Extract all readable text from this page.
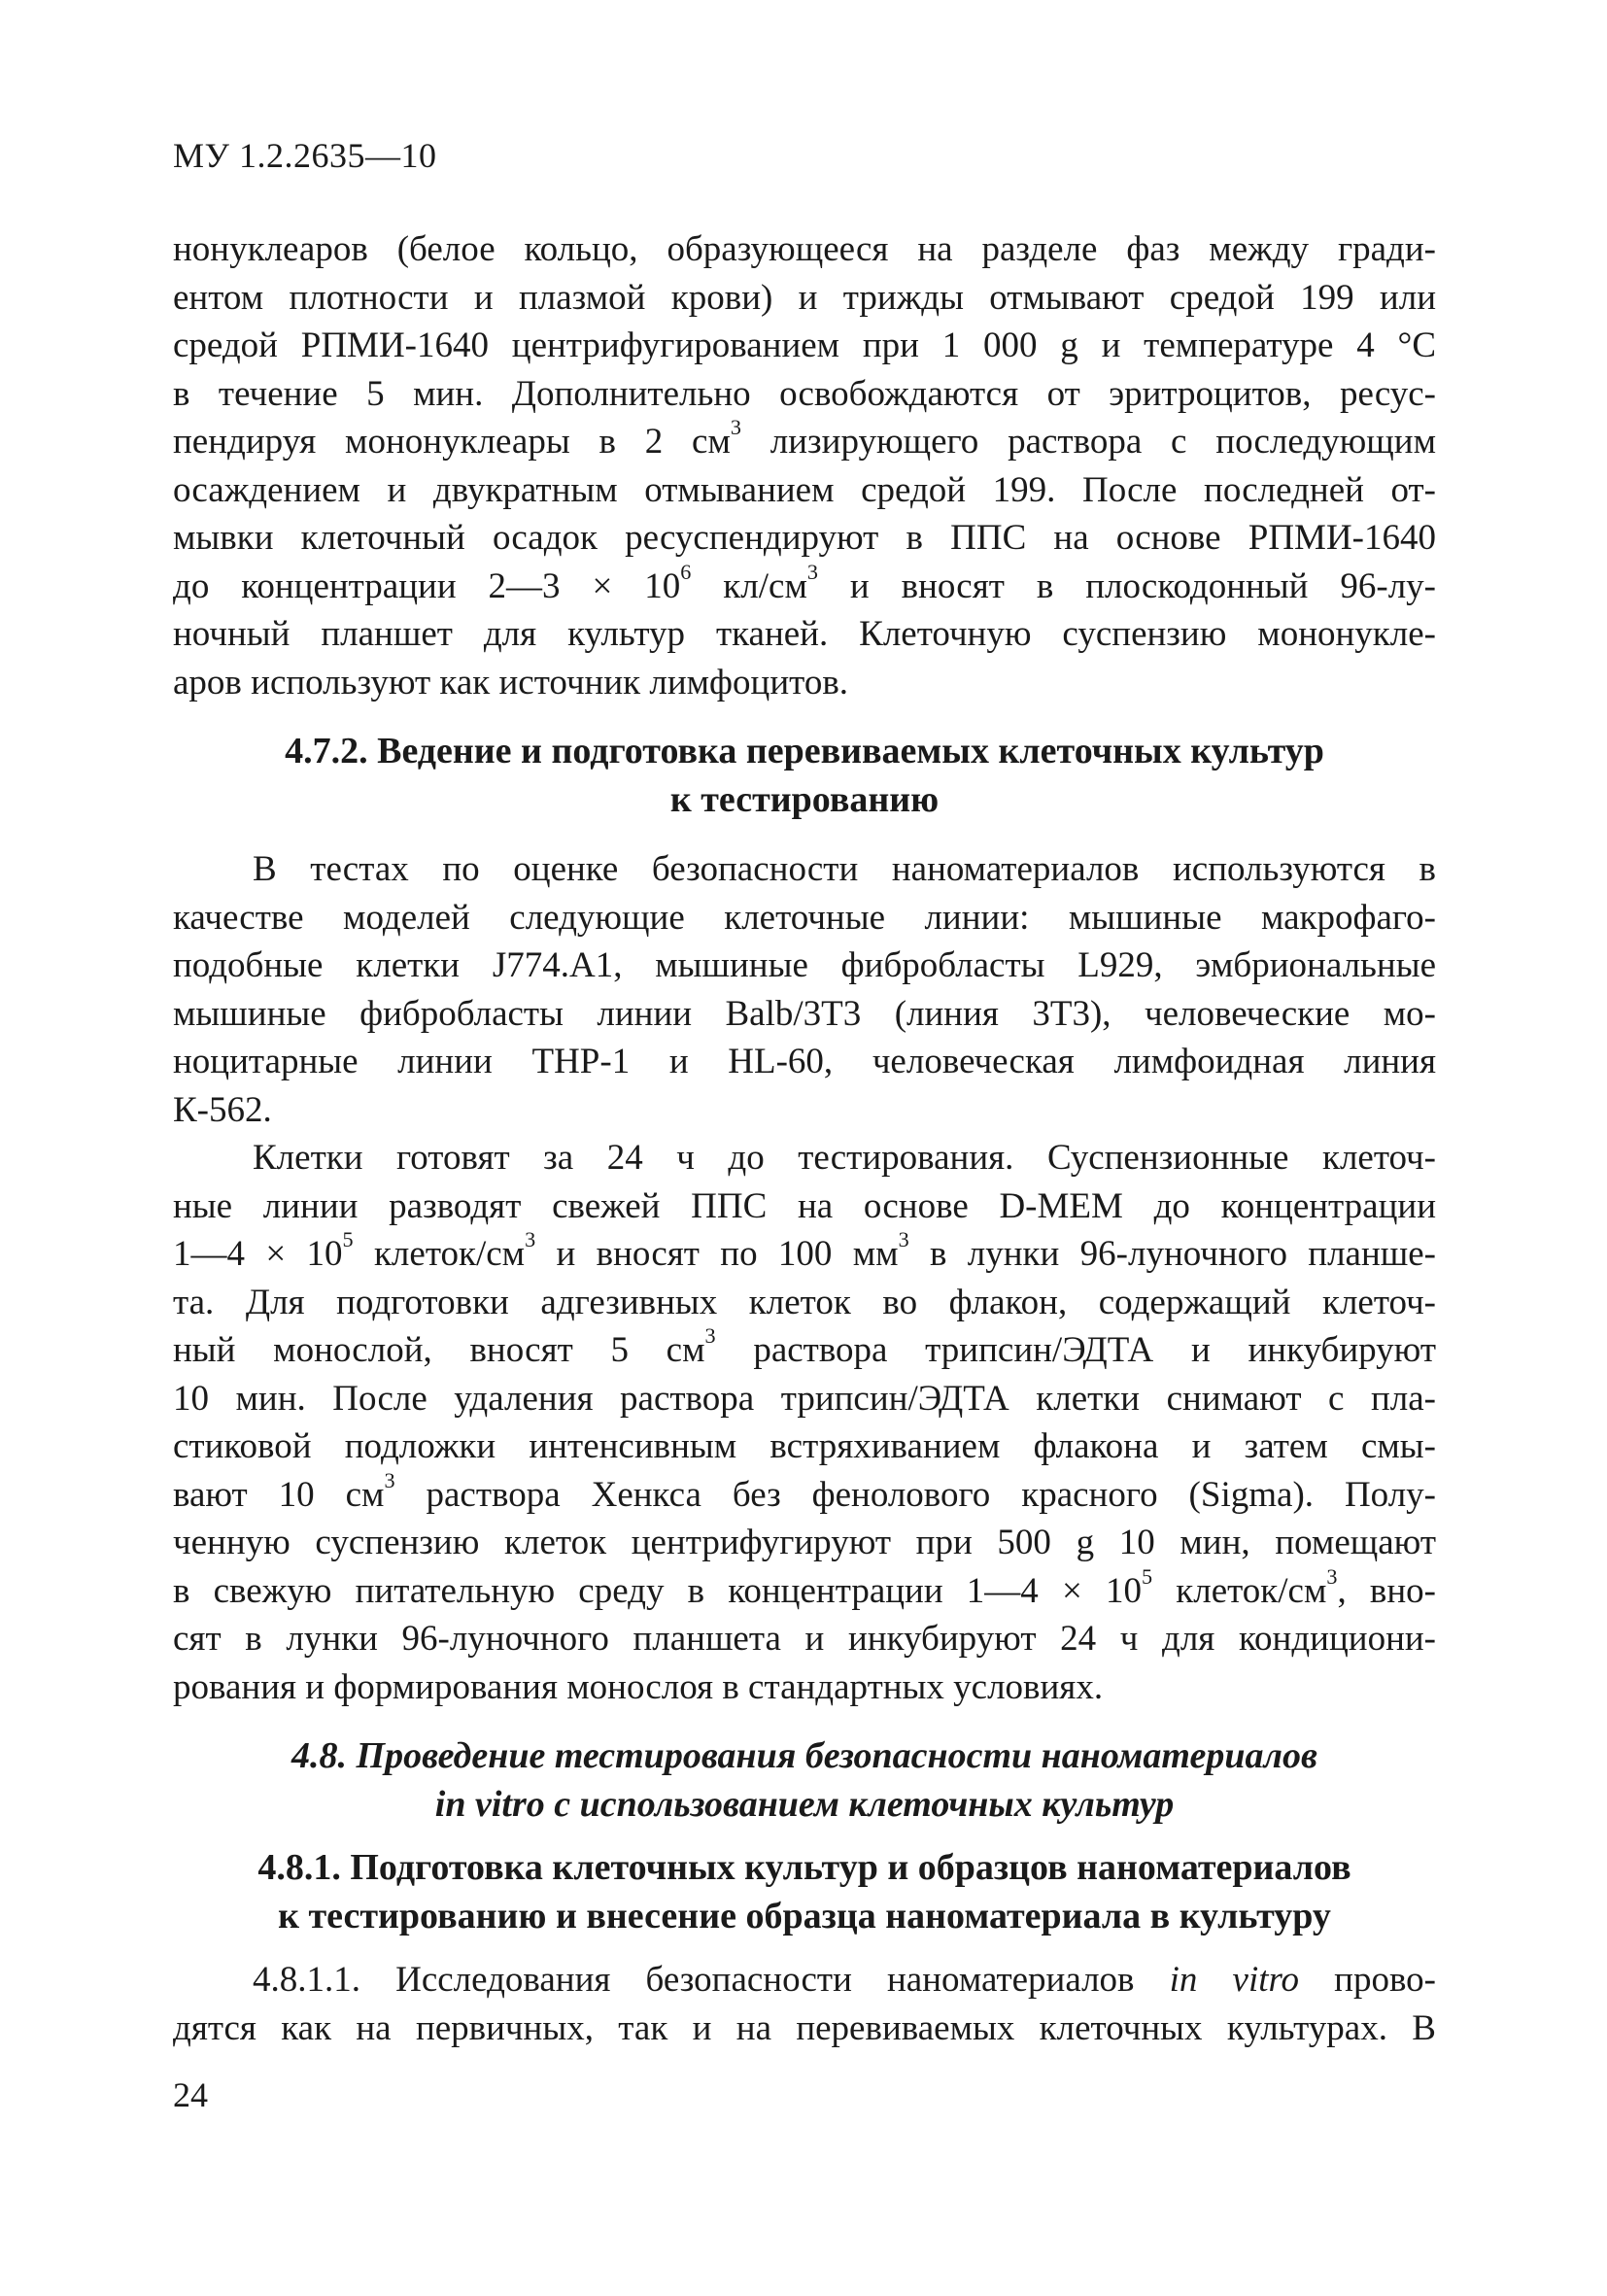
МУ 1.2.2635—10
нонуклеаров (белое кольцо, образующееся на разделе фаз между гради-
ентом плотности и плазмой крови) и трижды отмывают средой 199 или
средой РПМИ-1640 центрифугированием при 1 000 g и температуре 4 °С
в течение 5 мин. Дополнительно освобождаются от эритроцитов, ресус-
пендируя мононуклеары в 2 $см^3$ лизирующего раствора с последующим
осаждением и двукратным отмыванием средой 199. После последней от-
мывки клеточный осадок ресуспендируют в ППС на основе РПМИ-1640
до концентрации 2—3 × $10^6$ $кл/см^3$ и вносят в плоскодонный 96-лу-
ночный планшет для культур тканей. Клеточную суспензию мононукле-
аров используют как источник лимфоцитов.
4.7.2. Ведение и подготовка перевиваемых клеточных культур
к тестированию
В тестах по оценке безопасности наноматериалов используются в
качестве моделей следующие клеточные линии: мышиные макрофаго-
подобные клетки J774.A1, мышиные фибробласты L929, эмбриональные
мышиные фибробласты линии Balb/3T3 (линия 3T3), человеческие мо-
ноцитарные линии THP-1 и HL-60, человеческая лимфоидная линия
К-562.
Клетки готовят за 24 ч до тестирования. Суспензионные клеточ-
ные линии разводят свежей ППС на основе D-MEM до концентрации
1—4 × $10^5$ клеток/$см^3$ и вносят по 100 $мм^3$ в лунки 96-луночного планше-
та. Для подготовки адгезивных клеток во флакон, содержащий клеточ-
ный монослой, вносят 5 $см^3$ раствора трипсин/ЭДТА и инкубируют
10 мин. После удаления раствора трипсин/ЭДТА клетки снимают с пла-
стиковой подложки интенсивным встряхиванием флакона и затем смы-
вают 10 $см^3$ раствора Хенкса без фенолового красного (Sigma). Полу-
ченную суспензию клеток центрифугируют при 500 g 10 мин, помещают
в свежую питательную среду в концентрации 1—4 × $10^5$ клеток/$см^3$, вно-
сят в лунки 96-луночного планшета и инкубируют 24 ч для кондициони-
рования и формирования монослоя в стандартных условиях.
4.8. Проведение тестирования безопасности наноматериалов
in vitro с использованием клеточных культур
4.8.1. Подготовка клеточных культур и образцов наноматериалов
к тестированию и внесение образца наноматериала в культуру
4.8.1.1. Исследования безопасности наноматериалов in vitro прово-
дятся как на первичных, так и на перевиваемых клеточных культурах. В
24
